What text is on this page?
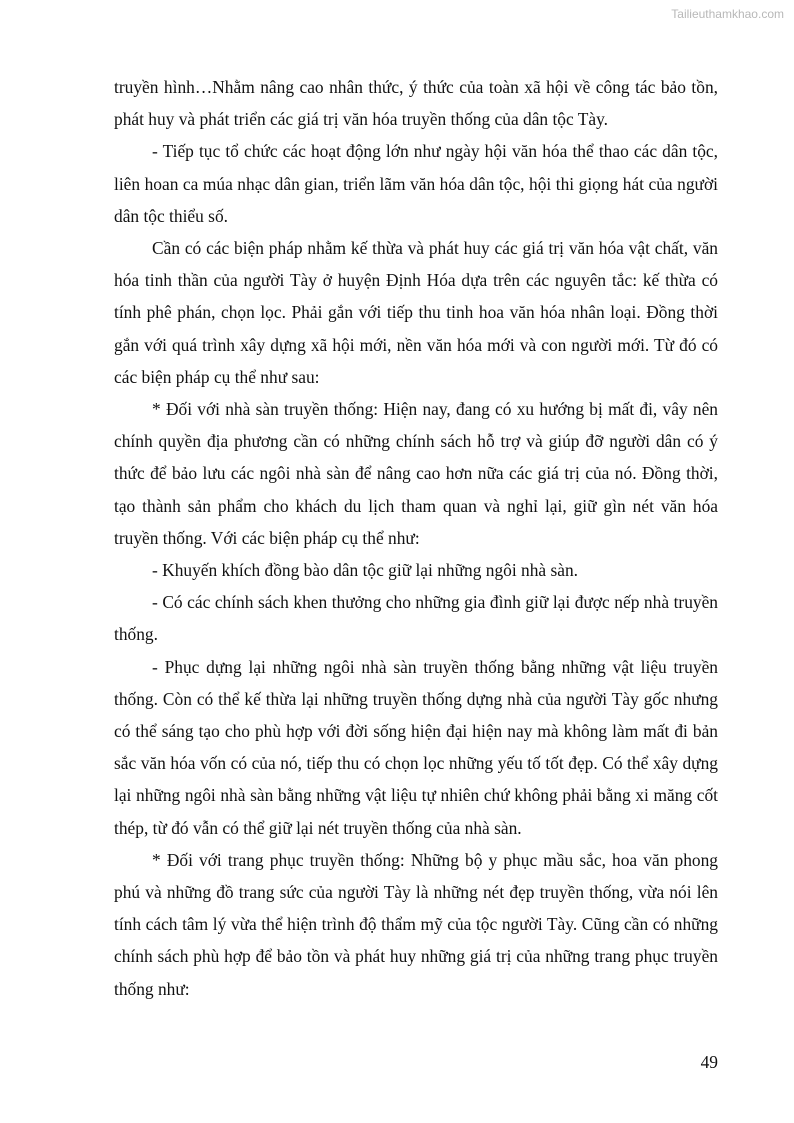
Tailieuthamkhao.com

truyền hình…Nhằm nâng cao nhân thức, ý thức của toàn xã hội về công tác bảo tồn, phát huy và phát triển các giá trị văn hóa truyền thống của dân tộc Tày.

- Tiếp tục tổ chức các hoạt động lớn như ngày hội văn hóa thể thao các dân tộc, liên hoan ca múa nhạc dân gian, triển lãm văn hóa dân tộc, hội thi giọng hát của người dân tộc thiểu số.

Cần có các biện pháp nhằm kế thừa và phát huy các giá trị văn hóa vật chất, văn hóa tinh thần của người Tày ở huyện Định Hóa dựa trên các nguyên tắc: kế thừa có tính phê phán, chọn lọc. Phải gắn với tiếp thu tinh hoa văn hóa nhân loại. Đồng thời gắn với quá trình xây dựng xã hội mới, nền văn hóa mới và con người mới. Từ đó có các biện pháp cụ thể như sau:

* Đối với nhà sàn truyền thống: Hiện nay, đang có xu hướng bị mất đi, vây nên chính quyền địa phương cần có những chính sách hỗ trợ và giúp đỡ người dân có ý thức để bảo lưu các ngôi nhà sàn để nâng cao hơn nữa các giá trị của nó. Đồng thời, tạo thành sản phẩm cho khách du lịch tham quan và nghỉ lại, giữ gìn nét văn hóa truyền thống. Với các biện pháp cụ thể như:

- Khuyến khích đồng bào dân tộc giữ lại những ngôi nhà sàn.

- Có các chính sách khen thưởng cho những gia đình giữ lại được nếp nhà truyền thống.

- Phục dựng lại những ngôi nhà sàn truyền thống bằng những vật liệu truyền thống. Còn có thể kế thừa lại những truyền thống dựng nhà của người Tày gốc nhưng có thể sáng tạo cho phù hợp với đời sống hiện đại hiện nay mà không làm mất đi bản sắc văn hóa vốn có của nó, tiếp thu có chọn lọc những yếu tố tốt đẹp. Có thể xây dựng lại những ngôi nhà sàn bằng những vật liệu tự nhiên chứ không phải bằng xi măng cốt thép, từ đó vẫn có thể giữ lại nét truyền thống của nhà sàn.

* Đối với trang phục truyền thống: Những bộ y phục mầu sắc, hoa văn phong phú và những đồ trang sức của người Tày là những nét đẹp truyền thống, vừa nói lên tính cách tâm lý vừa thể hiện trình độ thẩm mỹ của tộc người Tày. Cũng cần có những chính sách phù hợp để bảo tồn và phát huy những giá trị của những trang phục truyền thống như:

49
